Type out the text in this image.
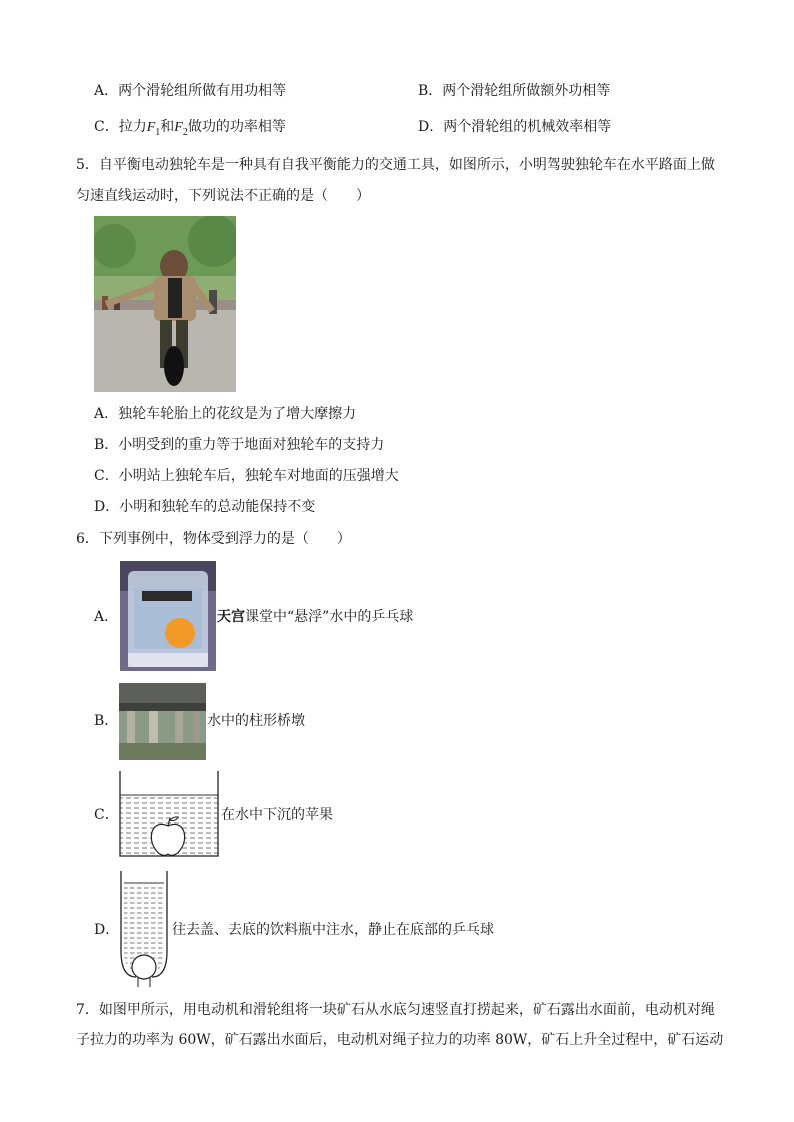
A．两个滑轮组所做有用功相等	B．两个滑轮组所做额外功相等
C．拉力$F_1$和$F_2$做功的功率相等	D．两个滑轮组的机械效率相等
5．自平衡电动独轮车是一种具有自我平衡能力的交通工具，如图所示，小明驾驶独轮车在水平路面上做
匀速直线运动时，下列说法不正确的是（　　）
A．独轮车轮胎上的花纹是为了增大摩擦力
B．小明受到的重力等于地面对独轮车的支持力
C．小明站上独轮车后，独轮车对地面的压强增大
D．小明和独轮车的总动能保持不变
6．下列事例中，物体受到浮力的是（　　）
A．	天宫课堂中“悬浮”水中的乒乓球
B．	水中的柱形桥墩
C．	在水中下沉的苹果
D．	往去盖、去底的饮料瓶中注水，静止在底部的乒乓球
7．如图甲所示，用电动机和滑轮组将一块矿石从水底匀速竖直打捞起来，矿石露出水面前，电动机对绳
子拉力的功率为 60W，矿石露出水面后，电动机对绳子拉力的功率 80W，矿石上升全过程中，矿石运动
